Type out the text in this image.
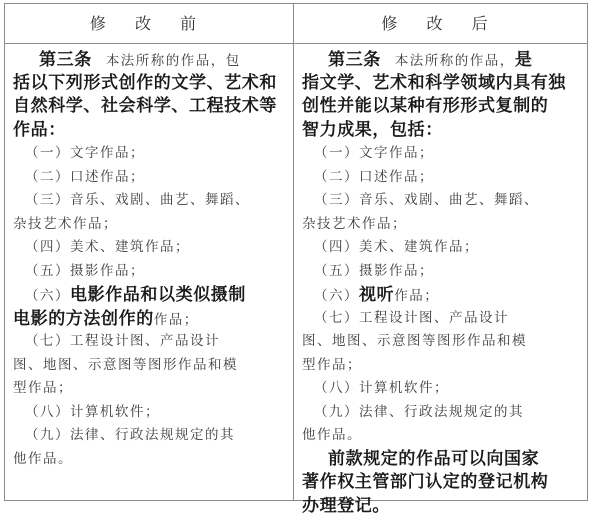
修 改 前	修 改 后
第三条 本法所称的作品，包
括以下列形式创作的文学、艺术和
自然科学、社会科学、工程技术等
作品：
（一）文字作品；
（二）口述作品；
（三）音乐、戏剧、曲艺、舞蹈、
杂技艺术作品；
（四）美术、建筑作品；
（五）摄影作品；
（六）电影作品和以类似摄制
电影的方法创作的作品；
（七）工程设计图、产品设计
图、地图、示意图等图形作品和模
型作品；
（八）计算机软件；
（九）法律、行政法规规定的其
他作品。
第三条 本法所称的作品，是
指文学、艺术和科学领域内具有独
创性并能以某种有形形式复制的
智力成果，包括：
（一）文字作品；
（二）口述作品；
（三）音乐、戏剧、曲艺、舞蹈、
杂技艺术作品；
（四）美术、建筑作品；
（五）摄影作品；
（六）视听作品；
（七）工程设计图、产品设计
图、地图、示意图等图形作品和模
型作品；
（八）计算机软件；
（九）法律、行政法规规定的其
他作品。
前款规定的作品可以向国家
著作权主管部门认定的登记机构
办理登记。
